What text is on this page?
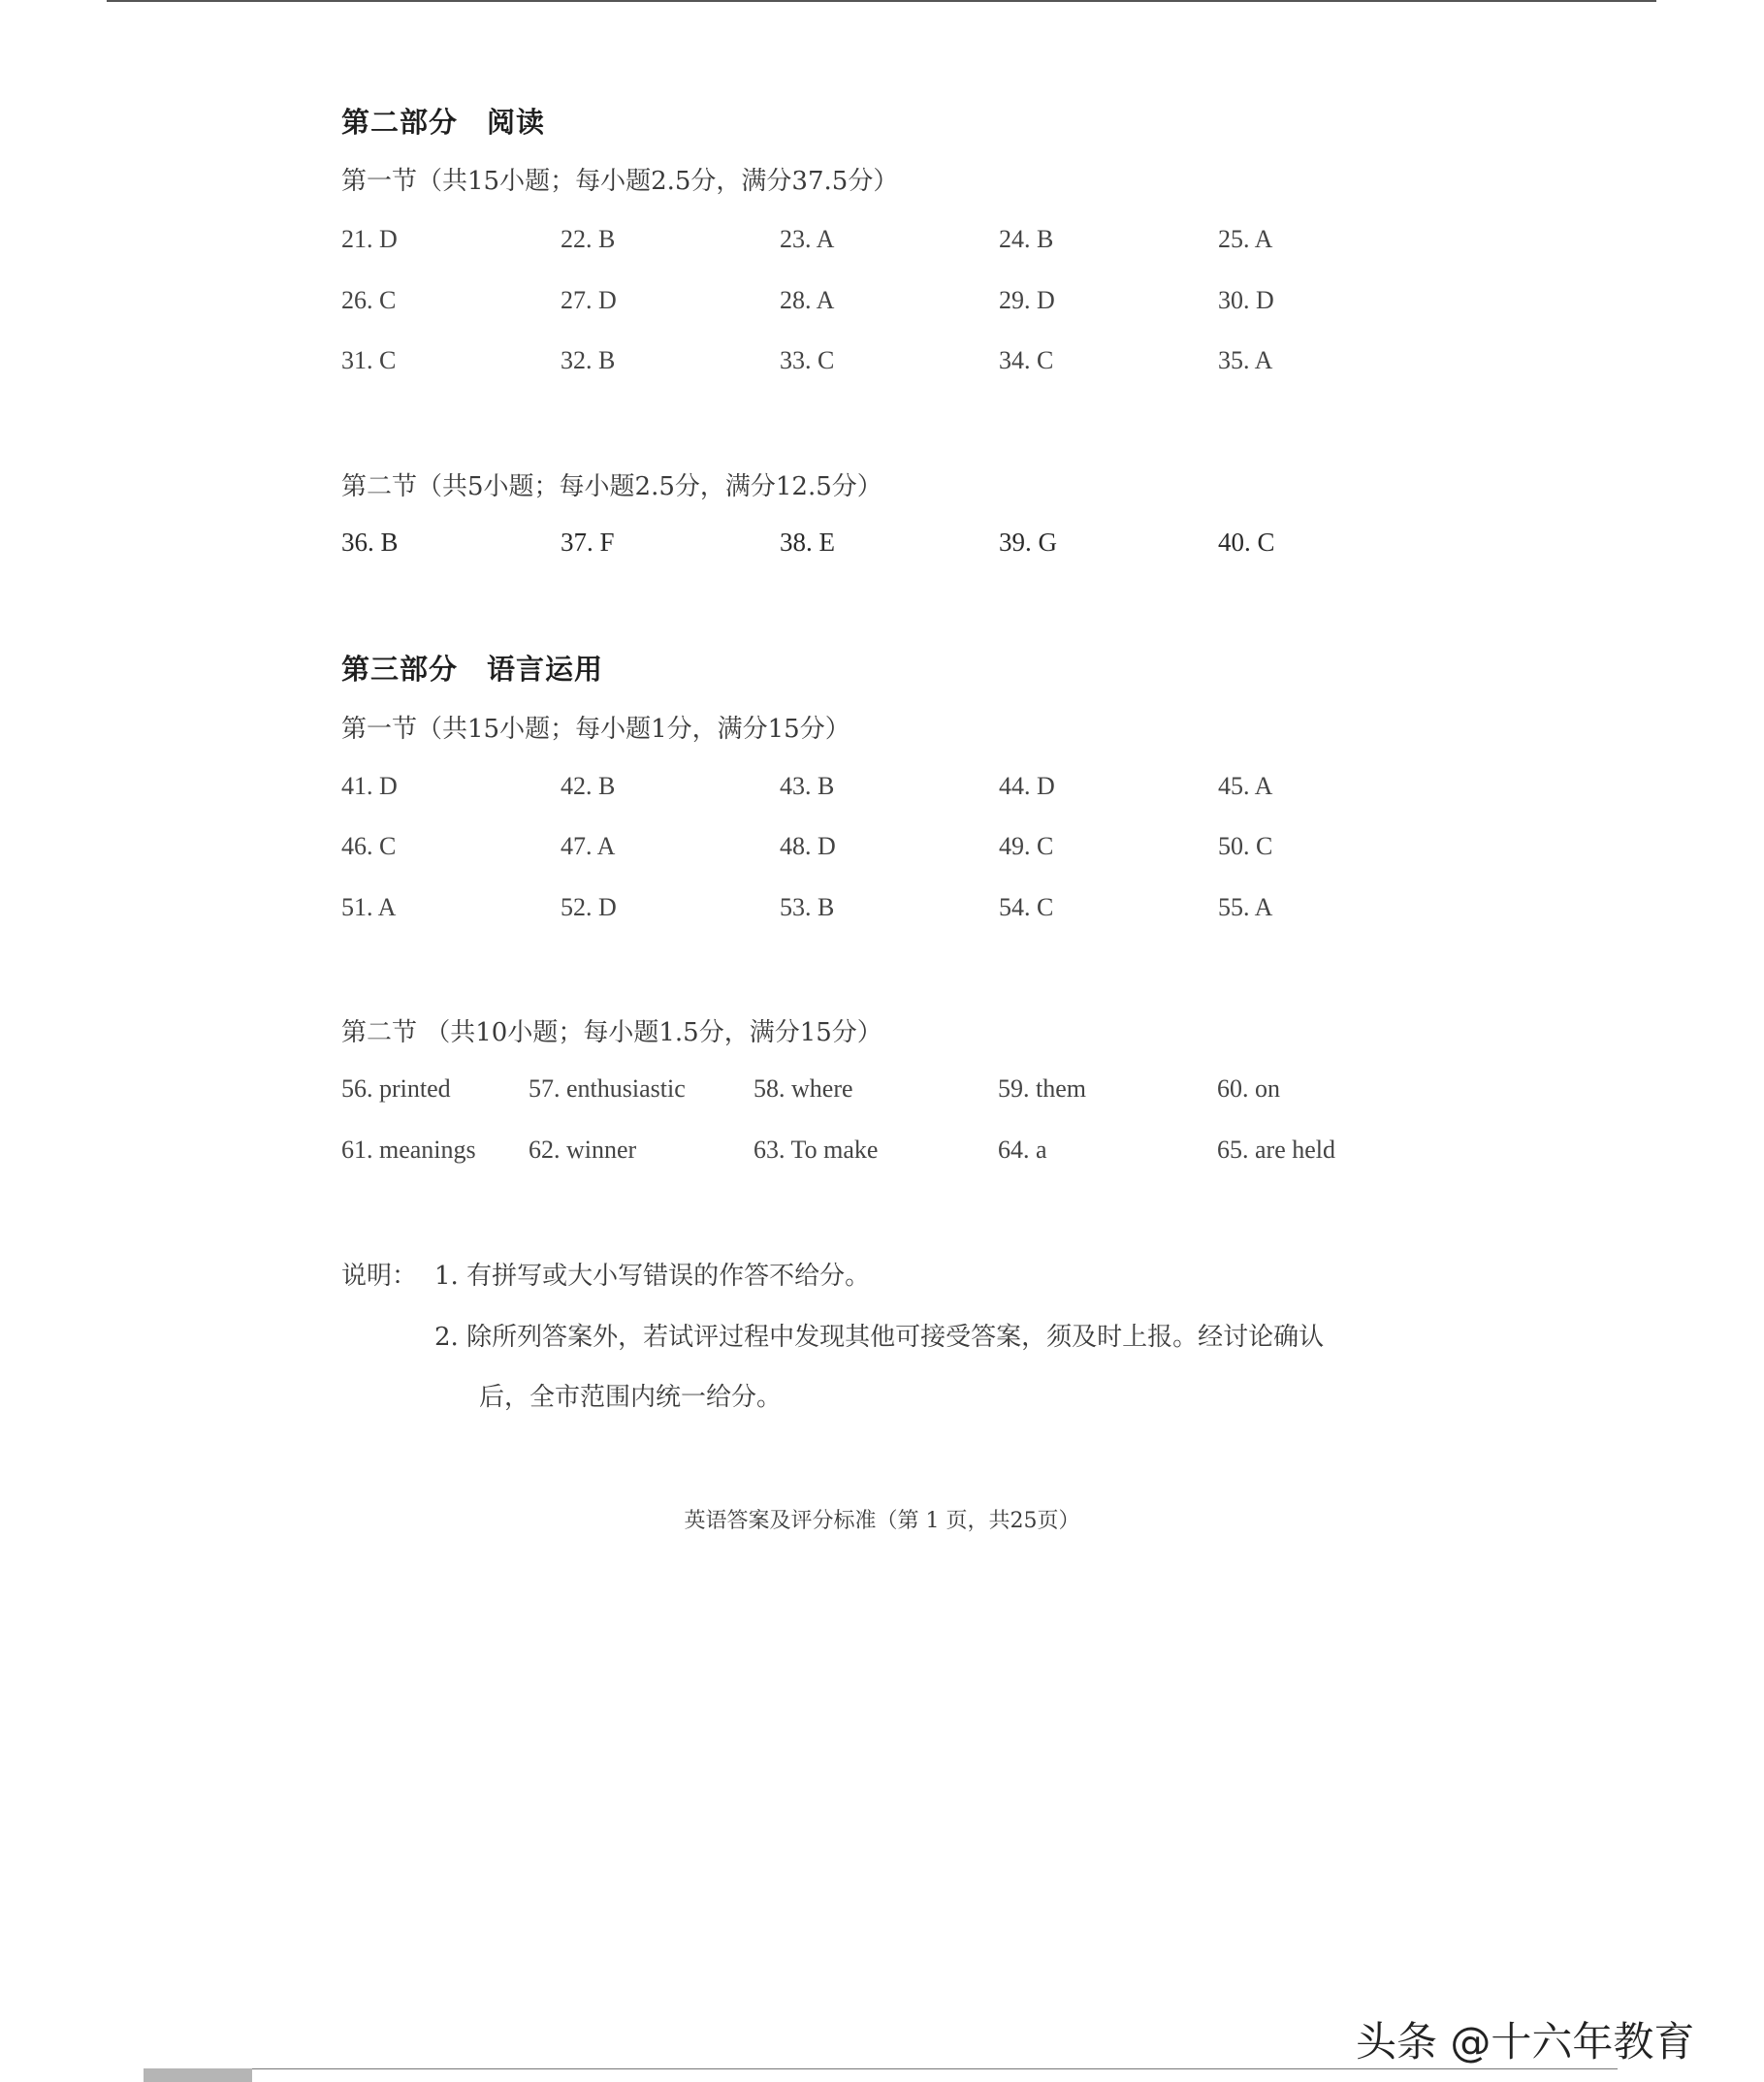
第二部分 阅读
第一节（共15小题；每小题2.5分，满分37.5分）
21. D	22. B	23. A	24. B	25. A
26. C	27. D	28. A	29. D	30. D
31. C	32. B	33. C	34. C	35. A
第二节（共5小题；每小题2.5分，满分12.5分）
36. B	37. F	38. E	39. G	40. C
第三部分 语言运用
第一节（共15小题；每小题1分，满分15分）
41. D	42. B	43. B	44. D	45. A
46. C	47. A	48. D	49. C	50. C
51. A	52. D	53. B	54. C	55. A
第二节 （共10小题；每小题1.5分，满分15分）
56. printed	57. enthusiastic	58. where	59. them	60. on
61. meanings 62. winner	63. To make	64. a	65. are held
说明： 1. 有拼写或大小写错误的作答不给分。
2. 除所列答案外，若试评过程中发现其他可接受答案，须及时上报。经讨论确认
后，全市范围内统一给分。
英语答案及评分标准（第 1 页，共25页）
头条 @十六年教育
